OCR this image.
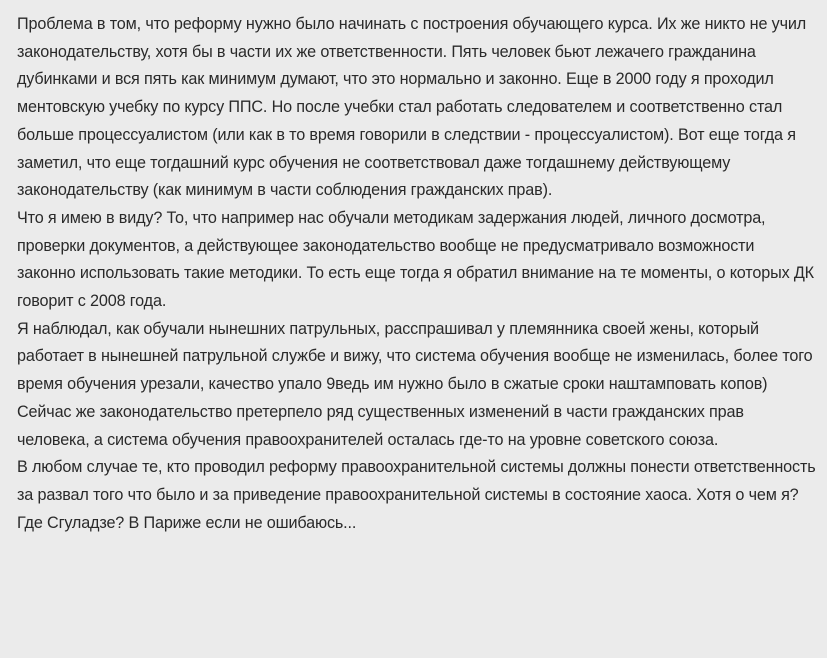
Проблема в том, что реформу нужно было начинать с построения обучающего курса. Их же никто не учил законодательству, хотя бы в части их же ответственности. Пять человек бьют лежачего гражданина дубинками и вся пять как минимум думают, что это нормально и законно. Еще в 2000 году я проходил ментовскую учебку по курсу ППС. Но после учебки стал работать следователем и соответственно стал больше процессуалистом (или как в то время говорили в следствии - процессуалистом). Вот еще тогда я заметил, что еще тогдашний курс обучения не соответствовал даже тогдашнему действующему законодательству (как минимум в части соблюдения гражданских прав).

Что я имею в виду? То, что например нас обучали методикам задержания людей, личного досмотра, проверки документов, а действующее законодательство вообще не предусматривало возможности законно использовать такие методики. То есть еще тогда я обратил внимание на те моменты, о которых ДК говорит с 2008 года.

Я наблюдал, как обучали нынешних патрульных, расспрашивал у племянника своей жены, который работает в нынешней патрульной службе и вижу, что система обучения вообще не изменилась, более того время обучения урезали, качество упало 9ведь им нужно было в сжатые сроки наштамповать копов)

Сейчас же законодательство претерпело ряд существенных изменений в части гражданских прав человека, а система обучения правоохранителей осталась где-то на уровне советского союза.

В любом случае те, кто проводил реформу правоохранительной системы должны понести ответственность за развал того что было и за приведение правоохранительной системы в состояние хаоса. Хотя о чем я? Где Сгуладзе? В Париже если не ошибаюсь...
